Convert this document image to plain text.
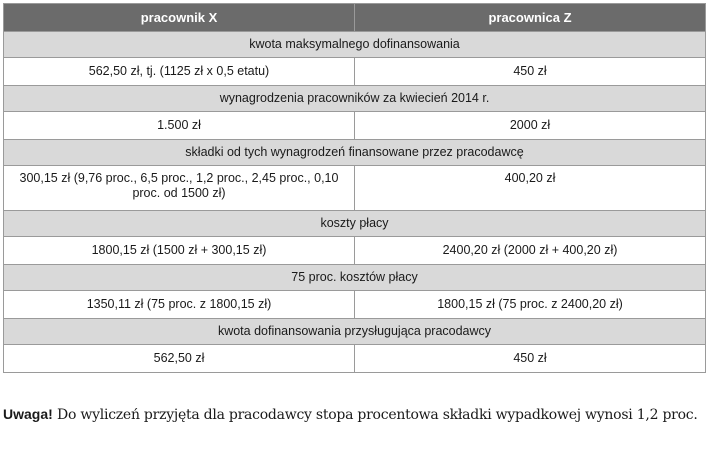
pracownik X	pracownica Z
kwota maksymalnego dofinansowania	
562,50 zł, tj. (1125 zł x 0,5 etatu)	450 zł
wynagrodzenia pracowników za kwiecień 2014 r.	
1.500 zł	2000 zł
składki od tych wynagrodzeń finansowane przez pracodawcę	
300,15 zł (9,76 proc., 6,5 proc., 1,2 proc., 2,45 proc., 0,10 proc. od 1500 zł)	400,20 zł
koszty płacy	
1800,15 zł (1500 zł + 300,15 zł)	2400,20 zł (2000 zł + 400,20 zł)
75 proc. kosztów płacy	
1350,11 zł (75 proc. z 1800,15 zł)	1800,15 zł (75 proc. z 2400,20 zł)
kwota dofinansowania przysługująca pracodawcy	
562,50 zł	450 zł
Uwaga! Do wyliczeń przyjęta dla pracodawcy stopa procentowa składki wypadkowej wynosi 1,2 proc.
